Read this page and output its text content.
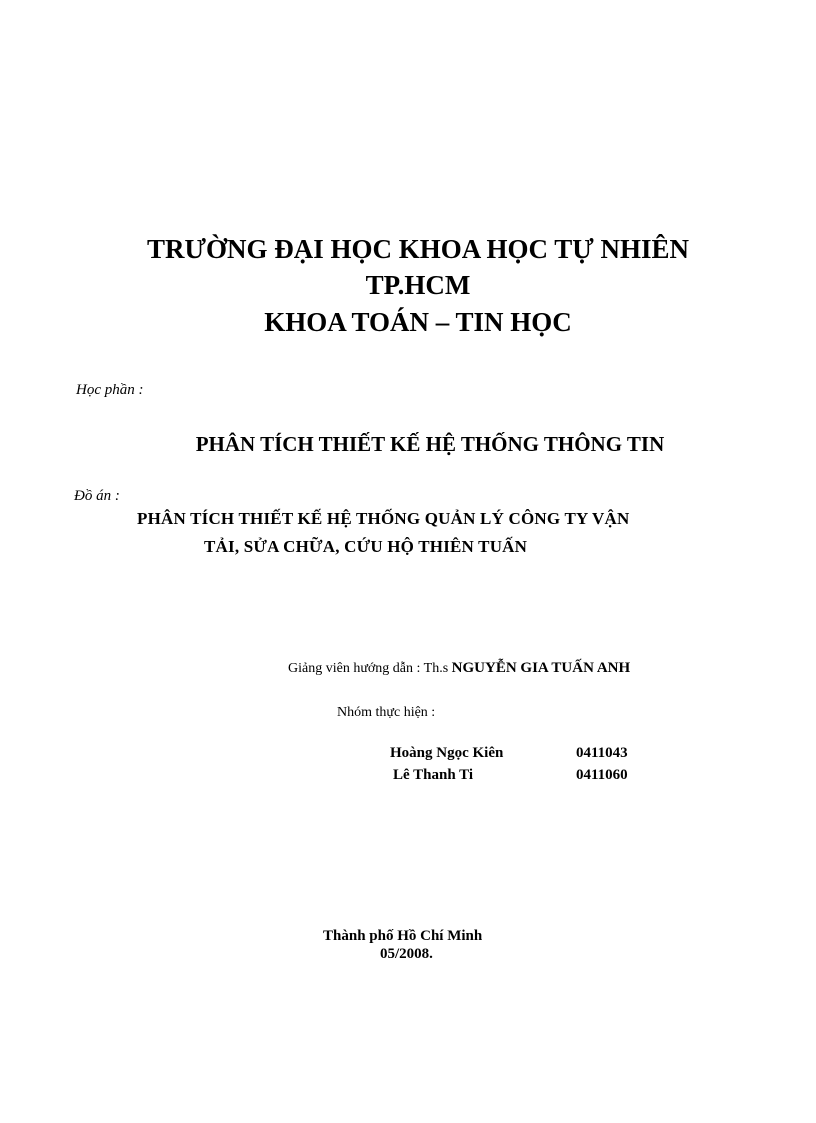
TRƯỜNG ĐẠI HỌC KHOA HỌC TỰ NHIÊN
TP.HCM
KHOA TOÁN – TIN HỌC
Học phần :
PHÂN TÍCH THIẾT KẾ HỆ THỐNG THÔNG TIN
Đồ án :
PHÂN TÍCH THIẾT KẾ HỆ THỐNG QUẢN LÝ CÔNG TY VẬN
TẢI, SỬA CHỮA, CỨU HỘ THIÊN TUẤN
Giảng viên hướng dẫn : Th.s NGUYỄN GIA TUẤN ANH
Nhóm thực hiện :
Hoàng Ngọc Kiên	0411043
Lê Thanh Ti	0411060
Thành phố Hồ Chí Minh
05/2008.
